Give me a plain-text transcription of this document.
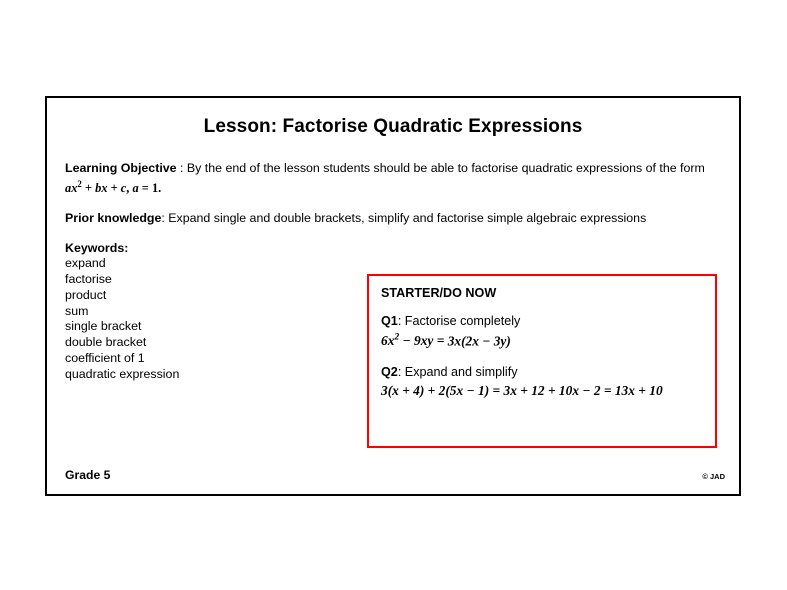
Lesson: Factorise Quadratic Expressions
Learning Objective : By the end of the lesson students should be able to factorise quadratic expressions of the form $ax^2$ + bx + c, a = 1.
Prior knowledge: Expand single and double brackets, simplify and factorise simple algebraic expressions
Keywords:
expand
factorise
product
sum
single bracket
double bracket
coefficient of 1
quadratic expression
STARTER/DO NOW
Q1: Factorise completely
$6x^2 - 9xy = 3x(2x - 3y)$
Q2: Expand and simplify
3(x + 4) + 2(5x − 1) = 3x + 12 + 10x − 2 = 13x + 10
Grade 5	© JAD
